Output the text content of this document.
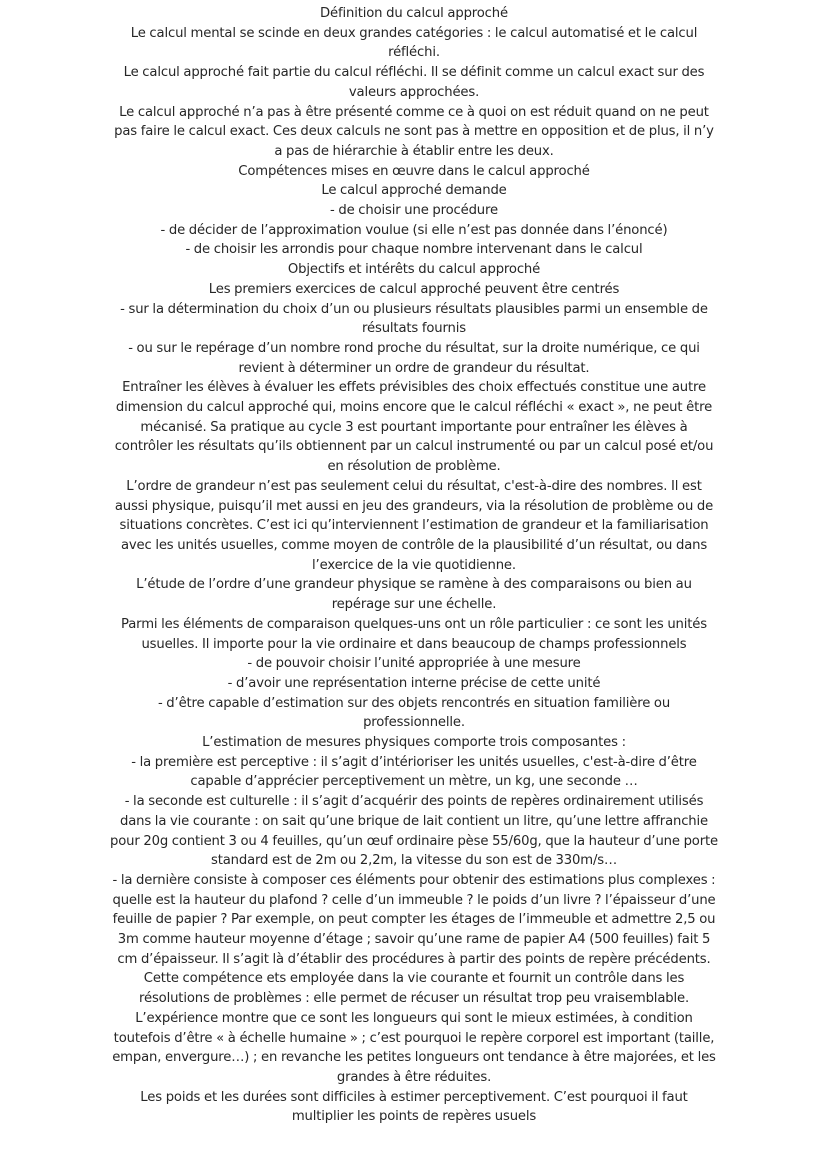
Définition du calcul approché

Le calcul mental se scinde en deux grandes catégories : le calcul automatisé et le calcul réfléchi.

Le calcul approché fait partie du calcul réfléchi. Il se définit comme un calcul exact sur des valeurs approchées.

Le calcul approché n’a pas à être présenté comme ce à quoi on est réduit quand on ne peut pas faire le calcul exact. Ces deux calculs ne sont pas à mettre en opposition et de plus, il n’y a pas de hiérarchie à établir entre les deux.

Compétences mises en œuvre dans le calcul approché

Le calcul approché demande

- de choisir une procédure

- de décider de l’approximation voulue (si elle n’est pas donnée dans l’énoncé)

- de choisir les arrondis pour chaque nombre intervenant dans le calcul

Objectifs et intérêts du calcul approché

Les premiers exercices de calcul approché peuvent être centrés

- sur la détermination du choix d’un ou plusieurs résultats plausibles parmi un ensemble de résultats fournis

- ou sur le repérage d’un nombre rond proche du résultat, sur la droite numérique, ce qui revient à déterminer un ordre de grandeur du résultat.

Entraîner les élèves à évaluer les effets prévisibles des choix effectués constitue une autre dimension du calcul approché qui, moins encore que le calcul réfléchi « exact », ne peut être mécanisé. Sa pratique au cycle 3 est pourtant importante pour entraîner les élèves à contrôler les résultats qu’ils obtiennent par un calcul instrumenté ou par un calcul posé et/ou en résolution de problème.

L’ordre de grandeur n’est pas seulement celui du résultat, c'est-à-dire des nombres. Il est aussi physique, puisqu’il met aussi en jeu des grandeurs, via la résolution de problème ou de situations concrètes. C’est ici qu’interviennent l’estimation de grandeur et la familiarisation avec les unités usuelles, comme moyen de contrôle de la plausibilité d’un résultat, ou dans l’exercice de la vie quotidienne.

L’étude de l’ordre d’une grandeur physique se ramène à des comparaisons ou bien au repérage sur une échelle.

Parmi les éléments de comparaison quelques-uns ont un rôle particulier : ce sont les unités usuelles. Il importe pour la vie ordinaire et dans beaucoup de champs professionnels

- de pouvoir choisir l’unité appropriée à une mesure

- d’avoir une représentation interne précise de cette unité

- d’être capable d’estimation sur des objets rencontrés en situation familière ou professionnelle.

L’estimation de mesures physiques comporte trois composantes :

- la première est perceptive : il s’agit d’intérioriser les unités usuelles, c'est-à-dire d’être capable d’apprécier perceptivement un mètre, un kg, une seconde …

- la seconde est culturelle : il s’agit d’acquérir des points de repères ordinairement utilisés dans la vie courante : on sait qu’une brique de lait contient un litre, qu’une lettre affranchie pour 20g contient 3 ou 4 feuilles, qu’un œuf ordinaire pèse 55/60g, que la hauteur d’une porte standard est de 2m ou 2,2m, la vitesse du son est de 330m/s…

- la dernière consiste à composer ces éléments pour obtenir des estimations plus complexes : quelle est la hauteur du plafond ? celle d’un immeuble ? le poids d’un livre ? l’épaisseur d’une feuille de papier ? Par exemple, on peut compter les étages de l’immeuble et admettre 2,5 ou 3m comme hauteur moyenne d’étage ; savoir qu’une rame de papier A4 (500 feuilles) fait 5 cm d’épaisseur. Il s’agit là d’établir des procédures à partir des points de repère précédents. Cette compétence ets employée dans la vie courante et fournit un contrôle dans les résolutions de problèmes : elle permet de récuser un résultat trop peu vraisemblable.

L’expérience montre que ce sont les longueurs qui sont le mieux estimées, à condition toutefois d’être « à échelle humaine » ; c’est pourquoi le repère corporel est important (taille, empan, envergure…) ; en revanche les petites longueurs ont tendance à être majorées, et les grandes à être réduites.

Les poids et les durées sont difficiles à estimer perceptivement. C’est pourquoi il faut multiplier les points de repères usuels
